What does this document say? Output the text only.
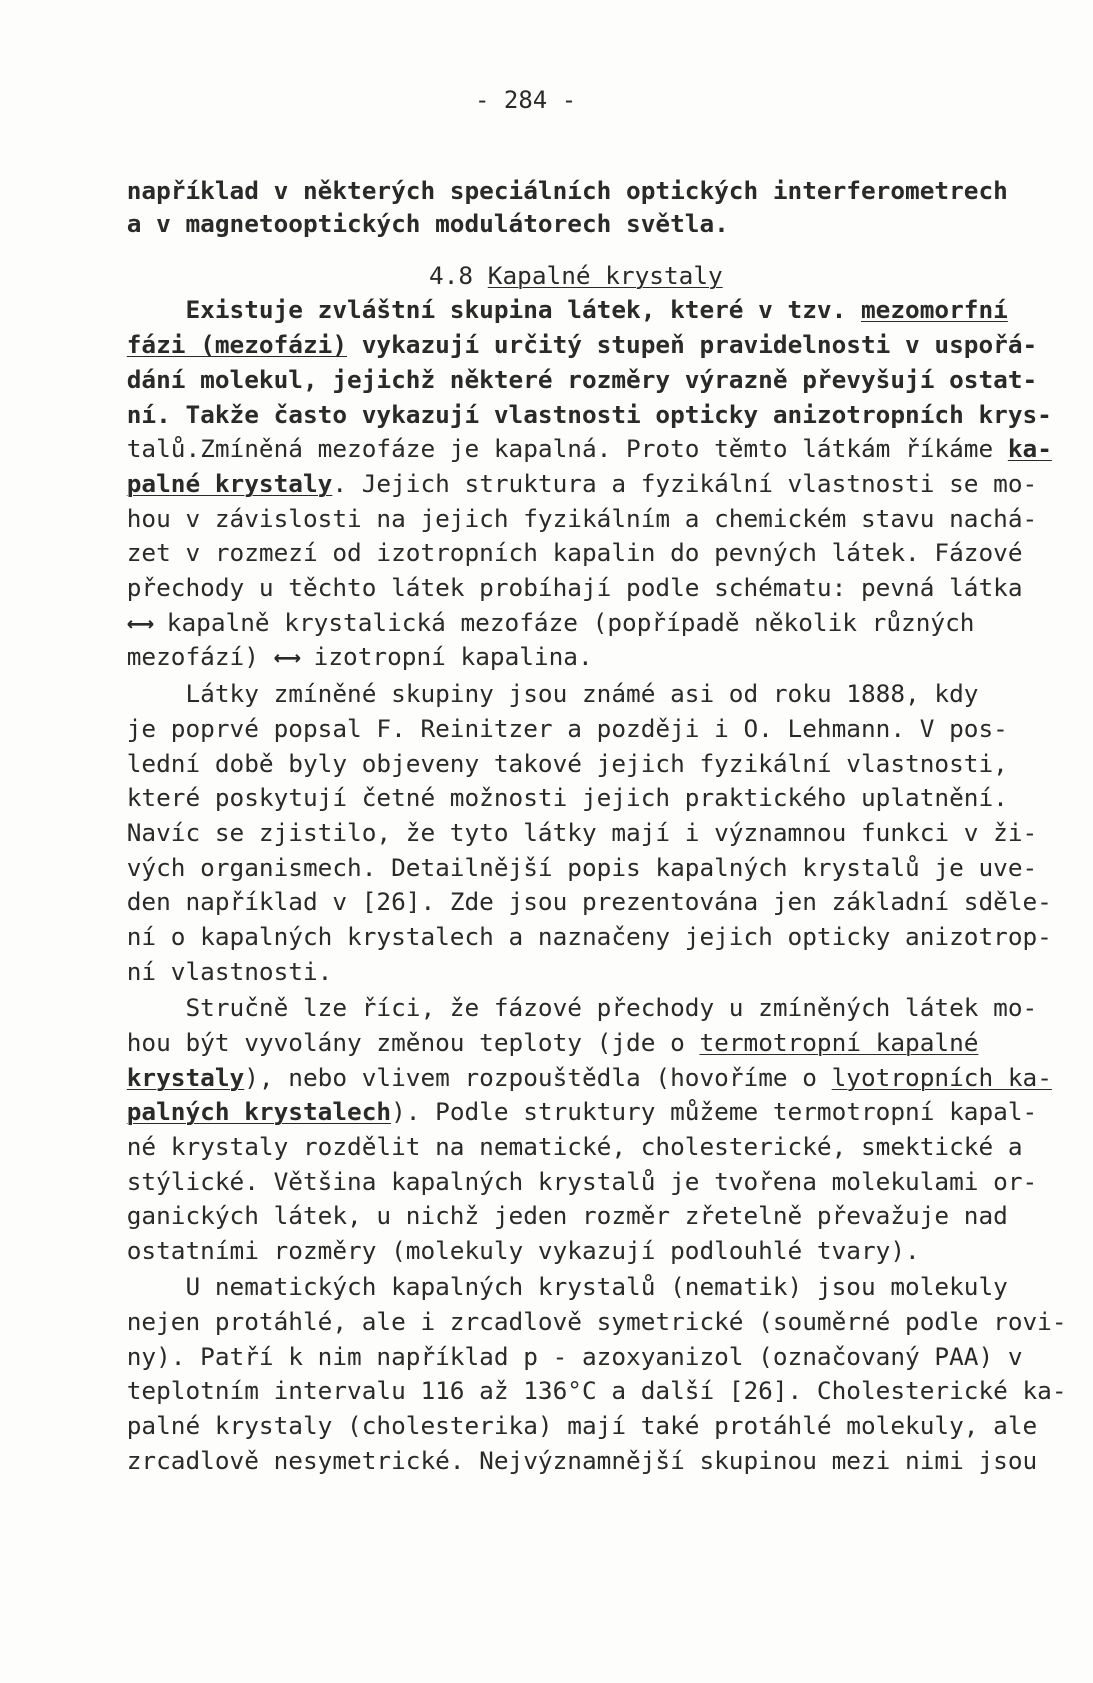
- 284 -

například v některých speciálních optických interferometrech

a v magnetooptických modulátorech světla.

4.8 Kapalné krystaly

Existuje zvláštní skupina látek, které v tzv. mezomorfní

fázi (mezofázi) vykazují určitý stupeň pravidelnosti v uspořá-

dání molekul, jejichž některé rozměry výrazně převyšují ostat-

ní. Takže často vykazují vlastnosti opticky anizotropních krys-

talů.Zmíněná mezofáze je kapalná. Proto těmto látkám říkáme ka-

palné krystaly. Jejich struktura a fyzikální vlastnosti se mo-

hou v závislosti na jejich fyzikálním a chemickém stavu nachá-

zet v rozmezí od izotropních kapalin do pevných látek. Fázové

přechody u těchto látek probíhají podle schématu: pevná látka

←→ kapalně krystalická mezofáze (popřípadě několik různých

mezofází) ←→ izotropní kapalina.

Látky zmíněné skupiny jsou známé asi od roku 1888, kdy

je poprvé popsal F. Reinitzer a později i O. Lehmann. V pos-

lední době byly objeveny takové jejich fyzikální vlastnosti,

které poskytují četné možnosti jejich praktického uplatnění.

Navíc se zjistilo, že tyto látky mají i významnou funkci v ži-

vých organismech. Detailnější popis kapalných krystalů je uve-

den například v [26]. Zde jsou prezentována jen základní sděle-

ní o kapalných krystalech a naznačeny jejich opticky anizotrop-

ní vlastnosti.

Stručně lze říci, že fázové přechody u zmíněných látek mo-

hou být vyvolány změnou teploty (jde o termotropní kapalné

krystaly), nebo vlivem rozpouštědla (hovoříme o lyotropních ka-

palných krystalech). Podle struktury můžeme termotropní kapal-

né krystaly rozdělit na nematické, cholesterické, smektické a

stýlické. Většina kapalných krystalů je tvořena molekulami or-

ganických látek, u nichž jeden rozměr zřetelně převažuje nad

ostatními rozměry (molekuly vykazují podlouhlé tvary).

U nematických kapalných krystalů (nematik) jsou molekuly

nejen protáhlé, ale i zrcadlově symetrické (souměrné podle rovi-

ny). Patří k nim například p - azoxyanizol (označovaný PAA) v

teplotním intervalu 116 až 136°C a další [26]. Cholesterické ka-

palné krystaly (cholesterika) mají také protáhlé molekuly, ale

zrcadlově nesymetrické. Nejvýznamnější skupinou mezi nimi jsou
